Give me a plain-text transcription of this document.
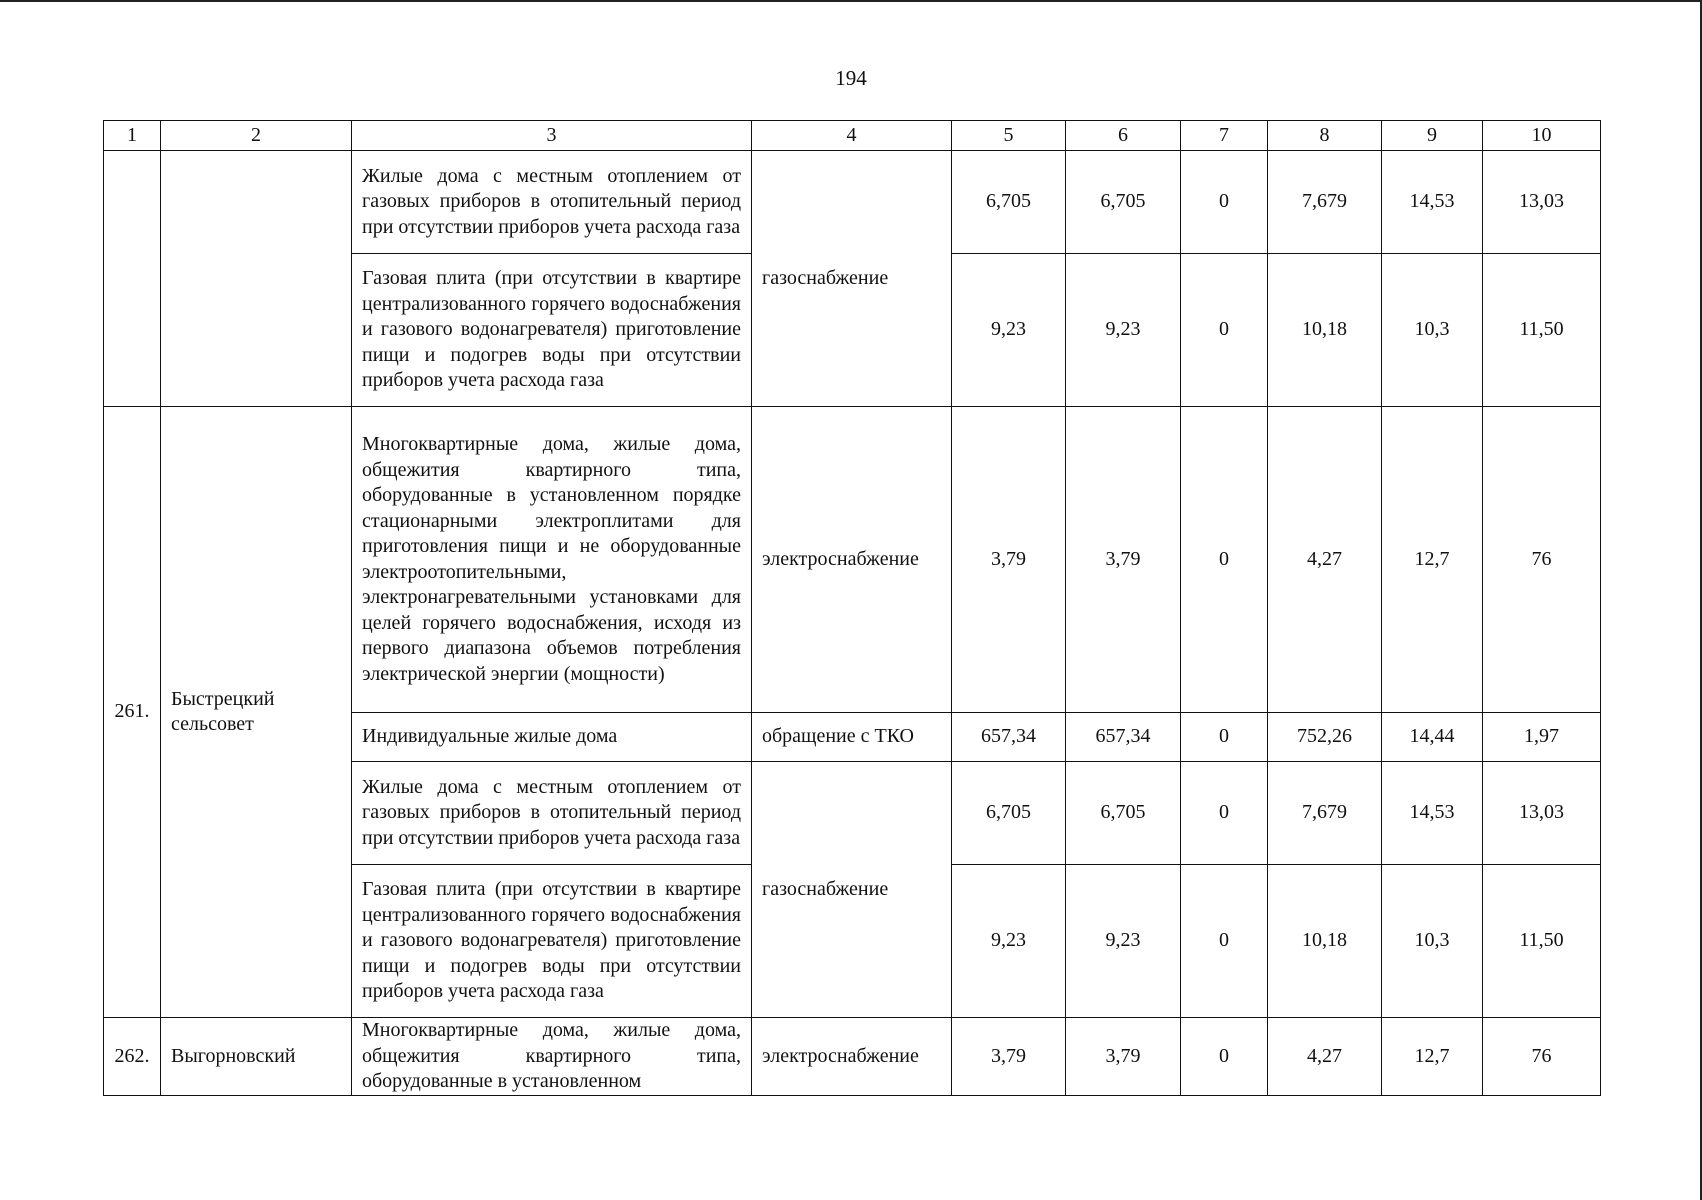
194
1	2	3	4	5	6	7	8	9	10
		Жилые дома с местным отоплением от газовых приборов в отопительный период при отсутствии приборов учета расхода газа	газоснабжение	6,705	6,705	0	7,679	14,53	13,03
		Газовая плита (при отсутствии в квартире централизованного горячего водоснабжения и газового водонагревателя) приготовление пищи и подогрев воды при отсутствии приборов учета расхода газа		9,23	9,23	0	10,18	10,3	11,50
261.	Быстрецкий сельсовет	Многоквартирные дома, жилые дома, общежития квартирного типа, оборудованные в установленном порядке стационарными электроплитами для приготовления пищи и не оборудованные электроотопительными, электронагревательными установками для целей горячего водоснабжения, исходя из первого диапазона объемов потребления электрической энергии (мощности)	электроснабжение	3,79	3,79	0	4,27	12,7	76
		Индивидуальные жилые дома	обращение с ТКО	657,34	657,34	0	752,26	14,44	1,97
		Жилые дома с местным отоплением от газовых приборов в отопительный период при отсутствии приборов учета расхода газа	газоснабжение	6,705	6,705	0	7,679	14,53	13,03
		Газовая плита (при отсутствии в квартире централизованного горячего водоснабжения и газового водонагревателя) приготовление пищи и подогрев воды при отсутствии приборов учета расхода газа		9,23	9,23	0	10,18	10,3	11,50
262.	Выгорновский	Многоквартирные дома, жилые дома, общежития квартирного типа, оборудованные в установленном	электроснабжение	3,79	3,79	0	4,27	12,7	76
